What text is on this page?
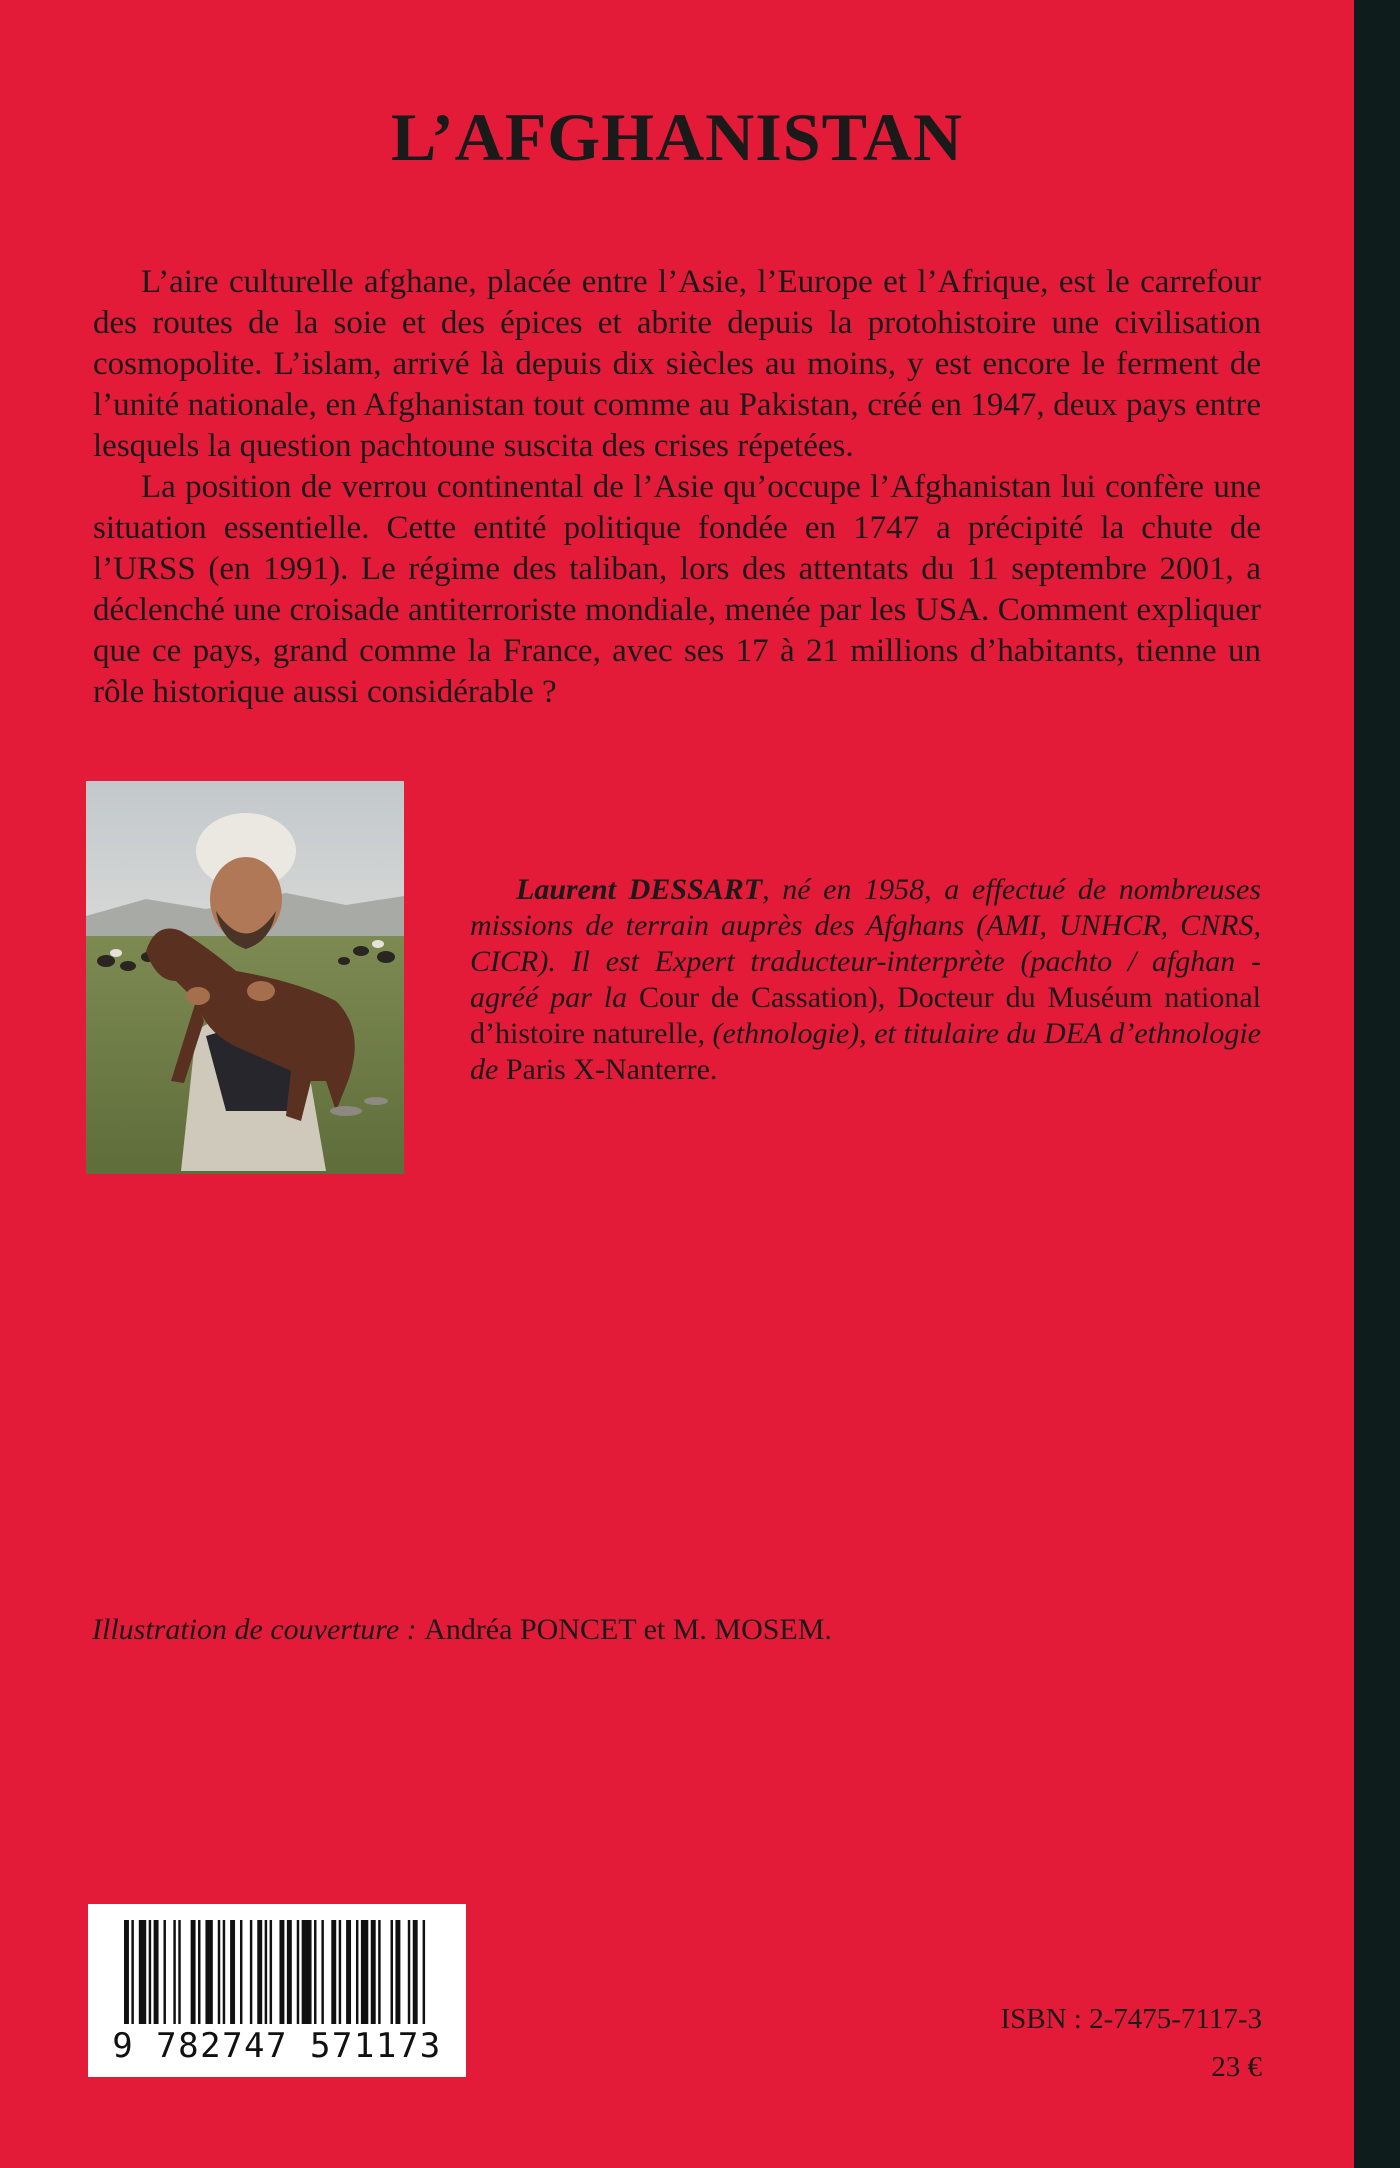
L’AFGHANISTAN

L’aire culturelle afghane, placée entre l’Asie, l’Europe et l’Afrique, est le carrefour des routes de la soie et des épices et abrite depuis la protohistoire une civilisation cosmopolite. L’islam, arrivé là depuis dix siècles au moins, y est encore le ferment de l’unité nationale, en Afghanistan tout comme au Pakistan, créé en 1947, deux pays entre lesquels la question pachtoune suscita des crises répetées.

La position de verrou continental de l’Asie qu’occupe l’Afghanistan lui confère une situation essentielle. Cette entité politique fondée en 1747 a précipité la chute de l’URSS (en 1991). Le régime des taliban, lors des attentats du 11 septembre 2001, a déclenché une croisade antiterroriste mondiale, menée par les USA. Comment expliquer que ce pays, grand comme la France, avec ses 17 à 21 millions d’habitants, tienne un rôle historique aussi considérable ?

Laurent DESSART, né en 1958, a effectué de nombreuses missions de terrain auprès des Afghans (AMI, UNHCR, CNRS, CICR). Il est Expert traducteur-interprète (pachto / afghan - agréé par la Cour de Cassation), Docteur du Muséum national d’histoire naturelle, (ethnologie), et titulaire du DEA d’ethnologie de Paris X-Nanterre.

Illustration de couverture : Andréa PONCET et M. MOSEM.

9 782747 571173

ISBN : 2-7475-7117-3

23 €
